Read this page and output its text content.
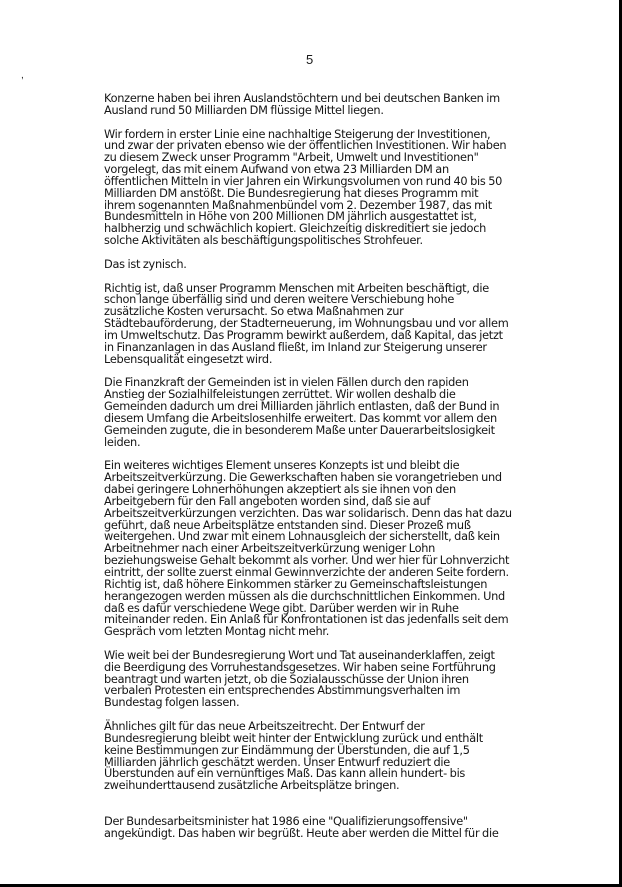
5
,

Konzerne haben bei ihren Auslandstöchtern und bei deutschen Banken im Ausland rund 50 Milliarden DM flüssige Mittel liegen.

Wir fordern in erster Linie eine nachhaltige Steigerung der Investitionen, und zwar der privaten ebenso wie der öffentlichen Investitionen. Wir haben zu diesem Zweck unser Programm "Arbeit, Umwelt und Investitionen" vorgelegt, das mit einem Aufwand von etwa 23 Milliarden DM an öffentlichen Mitteln in vier Jahren ein Wirkungsvolumen von rund 40 bis 50 Milliarden DM anstößt. Die Bundesregierung hat dieses Programm mit ihrem sogenannten Maßnahmenbündel vom 2. Dezember 1987, das mit Bundesmitteln in Höhe von 200 Millionen DM jährlich ausgestattet ist, halbherzig und schwächlich kopiert. Gleichzeitig diskreditiert sie jedoch solche Aktivitäten als beschäftigungspolitisches Strohfeuer.

Das ist zynisch.

Richtig ist, daß unser Programm Menschen mit Arbeiten beschäftigt, die schon lange überfällig sind und deren weitere Verschiebung hohe zusätzliche Kosten verursacht. So etwa Maßnahmen zur Städtebauförderung, der Stadterneuerung, im Wohnungsbau und vor allem im Umweltschutz. Das Programm bewirkt außerdem, daß Kapital, das jetzt in Finanzanlagen in das Ausland fließt, im Inland zur Steigerung unserer Lebensqualität eingesetzt wird.

Die Finanzkraft der Gemeinden ist in vielen Fällen durch den rapiden Anstieg der Sozialhilfeleistungen zerrüttet. Wir wollen deshalb die Gemeinden dadurch um drei Milliarden jährlich entlasten, daß der Bund in diesem Umfang die Arbeitslosenhilfe erweitert. Das kommt vor allem den Gemeinden zugute, die in besonderem Maße unter Dauerarbeitslosigkeit leiden.

Ein weiteres wichtiges Element unseres Konzepts ist und bleibt die Arbeitszeitverkürzung. Die Gewerkschaften haben sie vorangetrieben und dabei geringere Lohnerhöhungen akzeptiert als sie ihnen von den Arbeitgebern für den Fall angeboten worden sind, daß sie auf Arbeitszeitverkürzungen verzichten. Das war solidarisch. Denn das hat dazu geführt, daß neue Arbeitsplätze entstanden sind. Dieser Prozeß muß weitergehen. Und zwar mit einem Lohnausgleich der sicherstellt, daß kein Arbeitnehmer nach einer Arbeitszeitverkürzung weniger Lohn beziehungsweise Gehalt bekommt als vorher. Und wer hier für Lohnverzicht eintritt, der sollte zuerst einmal Gewinnverzichte der anderen Seite fordern. Richtig ist, daß höhere Einkommen stärker zu Gemeinschaftsleistungen herangezogen werden müssen als die durchschnittlichen Einkommen. Und daß es dafür verschiedene Wege gibt. Darüber werden wir in Ruhe miteinander reden. Ein Anlaß für Konfrontationen ist das jedenfalls seit dem Gespräch vom letzten Montag nicht mehr.

Wie weit bei der Bundesregierung Wort und Tat auseinanderklaffen, zeigt die Beerdigung des Vorruhestandsgesetzes. Wir haben seine Fortführung beantragt und warten jetzt, ob die Sozialausschüsse der Union ihren verbalen Protesten ein entsprechendes Abstimmungsverhalten im Bundestag folgen lassen.

Ähnliches gilt für das neue Arbeitszeitrecht. Der Entwurf der Bundesregierung bleibt weit hinter der Entwicklung zurück und enthält keine Bestimmungen zur Eindämmung der Überstunden, die auf 1,5 Milliarden jährlich geschätzt werden. Unser Entwurf reduziert die Überstunden auf ein vernünftiges Maß. Das kann allein hundert- bis zweihunderttausend zusätzliche Arbeitsplätze bringen.

Der Bundesarbeitsminister hat 1986 eine "Qualifizierungsoffensive" angekündigt. Das haben wir begrüßt. Heute aber werden die Mittel für die
